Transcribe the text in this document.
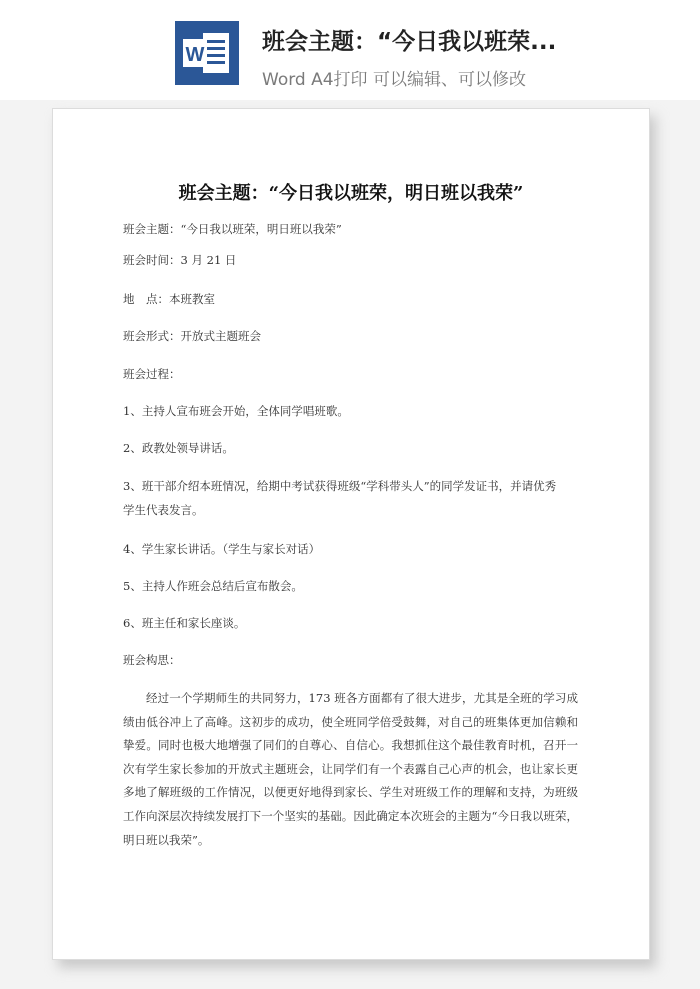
W	班会主题：“今日我以班荣...
Word A4打印 可以编辑、可以修改
班会主题：“今日我以班荣，明日班以我荣”
班会主题：“今日我以班荣，明日班以我荣”
班会时间：3 月 21 日
地　点：本班教室
班会形式：开放式主题班会
班会过程：
1、主持人宣布班会开始，全体同学唱班歌。
2、政教处领导讲话。
3、班干部介绍本班情况，给期中考试获得班级“学科带头人”的同学发证书，并请优秀
学生代表发言。
4、学生家长讲话。（学生与家长对话）
5、主持人作班会总结后宣布散会。
6、班主任和家长座谈。
班会构思：

经过一个学期师生的共同努力，173 班各方面都有了很大进步，尤其是全班的学习成绩由低谷冲上了高峰。这初步的成功，使全班同学倍受鼓舞，对自己的班集体更加信赖和挚爱。同时也极大地增强了同们的自尊心、自信心。我想抓住这个最佳教育时机，召开一次有学生家长参加的开放式主题班会，让同学们有一个表露自己心声的机会，也让家长更多地了解班级的工作情况，以便更好地得到家长、学生对班级工作的理解和支持，为班级工作向深层次持续发展打下一个坚实的基础。因此确定本次班会的主题为“今日我以班荣，明日班以我荣”。
